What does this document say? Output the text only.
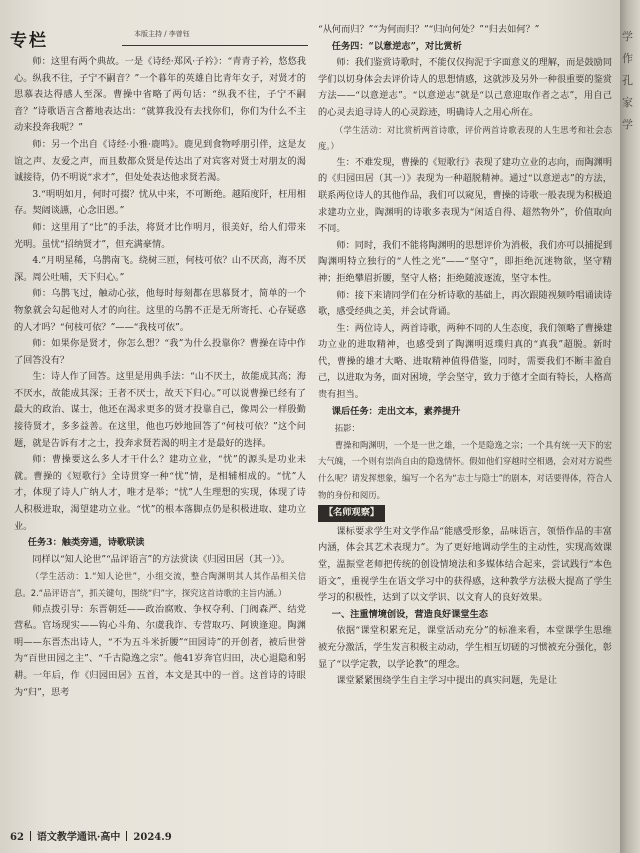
专栏	本版主持 / 李曾钰

师：这里有两个典故。一是《诗经·郑风·子衿》：“青青子衿，悠悠我心。纵我不往，子宁不嗣音？”一个暮年的英雄自比青年女子，对贤才的思慕表达得感人至深。曹操中省略了两句话：“纵我不往，子宁不嗣音？”诗歌语言含蓄地表达出：“就算我没有去找你们，你们为什么不主动来投奔我呢？”

师：另一个出自《诗经·小雅·鹿鸣》。鹿见到食物呼朋引伴，这是友谊之声、友爱之声，而且数都众贤是传达出了对宾客对贤士对朋友的渴诚接待，仍不明说“求才”，但处处表达他求贤若渴。

3.“明明如月，何时可掇？忧从中来，不可断绝。越陌度阡，枉用相存。契阔谈讌，心念旧恩。”

师：这里用了“比”的手法，将贤才比作明月，很美好，给人们带来光明。虽忧“招纳贤才”，但充满豪情。

4.“月明星稀，乌鹊南飞。绕树三匝，何枝可依？山不厌高，海不厌深。周公吐哺，天下归心。”

师：乌鹊飞过，触动心弦，他每时每刻都在思慕贤才，简单的一个物象就会勾起他对人才的向往。这里的乌鹊不正是无所寄托、心存疑惑的人才吗？“何枝可依？”——“我枝可依”。

师：如果你是贤才，你怎么想？“我”为什么投靠你？曹操在诗中作了回答没有？

生：诗人作了回答。这里是用典手法：“山不厌土，故能成其高；海不厌水，故能成其深；王者不厌士，故天下归心。”可以说曹操已经有了最大的政治、谋士，他还在渴求更多的贤才投靠自己，像周公一样殷勤接待贤才，多多益善。在这里，他也巧妙地回答了“何枝可依？”这个问题，就是告诉有才之士，投奔求贤若渴的明主才是最好的选择。

师：曹操要这么多人才干什么？建功立业，“忧”的源头是功业未就。曹操的《短歌行》全诗贯穿一种“忧”情，是相辅相成的。“忧”人才，体现了诗人广纳人才，唯才是举；“忧”人生理想的实现，体现了诗人积极进取，渴望建功立业。“忧”的根本落脚点仍是积极进取、建功立业。

任务3：触类旁通，诗歌联读

同样以“知人论世”“品评语言”的方法赏读《归园田居（其一）》。

（学生活动：1.“知人论世”，小组交流，整合陶渊明其人其作品相关信息。2.“品评语言”，抓关键句，围绕“归”字，探究这首诗歌的主旨内涵。）

师点拨引导：东晋朝廷——政治腐败、争权夺利、门阀森严、结党营私。官场现实——钩心斗角、尔虞我诈、专营取巧、阿谀逢迎。陶渊明——东晋杰出诗人，“不为五斗米折腰”“田园诗”的开创者，被后世誉为“百世田园之主”、“千古隐逸之宗”。他41岁奔官归田，决心退隐和躬耕。一年后，作《归园田居》五首，本文是其中的一首。这首诗的诗眼为“归”，思考

“从何而归？”“为何而归？”“归向何处？”“归去如何？”

任务四：“以意逆志”，对比赏析

师：我们鉴赏诗歌时，不能仅仅拘泥于字面意义的理解，而是鼓励同学们以切身体会去评价诗人的思想情感，这就涉及另外一种很重要的鉴赏方法——“以意逆志”。“以意逆志”就是“以己意迎取作者之志”，用自己的心灵去追寻诗人的心灵踪迹，明确诗人之用心所在。

（学生活动：对比赏析两首诗歌，评价两首诗歌表现的人生思考和社会态度。）

生：不难发现，曹操的《短歌行》表现了建功立业的志向，而陶渊明的《归园田居（其一）》表现为一种超脱精神。通过“以意逆志”的方法，联系两位诗人的其他作品，我们可以窥见，曹操的诗歌一般表现为积极追求建功立业，陶渊明的诗歌多表现为“闲适自得、超然物外”，价值取向不同。

师：同时，我们不能将陶渊明的思想评价为消极，我们亦可以捕捉到陶渊明特立独行的“人性之光”——“坚守”，即拒绝沉迷物欲，坚守精神；拒绝攀眉折腰，坚守人格；拒绝随波逐流，坚守本性。

师：接下来请同学们在分析诗歌的基础上，再次跟随视频吟唱诵读诗歌，感受经典之美，并会试背诵。

生：两位诗人，两首诗歌，两种不同的人生态度，我们领略了曹操建功立业的进取精神，也感受到了陶渊明返璞归真的“真我”超脱。新时代，曹操的雄才大略、进取精神值得借鉴，同时，需要我们不断丰盈自己，以进取为务，面对困境，学会坚守，致力于德才全面有特长，人格高贵有担当。

课后任务：走出文本，素养提升

拓影：

曹操和陶渊明，一个是一世之雄，一个是隐逸之宗；一个具有统一天下的宏大气魄，一个则有崇尚自由的隐逸情怀。假如他们穿越时空相遇，会对对方说些什么呢？请发挥想象，编写一个名为“志士与隐士”的剧本，对话要得体，符合人物的身份和阅历。

【名师观察】

课标要求学生对文学作品“能感受形象，品味语言，领悟作品的丰富内涵，体会其艺术表现力”。为了更好地调动学生的主动性，实现高效课堂，温振堂老师把传统的创设情境法和多媒体结合起来，尝试践行“本色语文”，重视学生在语文学习中的获得感，这种教学方法极大提高了学生学习的积极性，达到了以文学识、以文育人的良好效果。

一、注重情境创设，营造良好课堂生态

依据“课堂积累充足，课堂活动充分”的标准来看，本堂课学生思维被充分激活，学生发言积极主动动，学生相互切磋的习惯被充分强化，彰显了“以学定教，以学论教”的理念。

课堂紧紧围绕学生自主学习中提出的真实问题，先是让

62 语文教学通讯·高中 2024.9
学
作
孔
家
学
